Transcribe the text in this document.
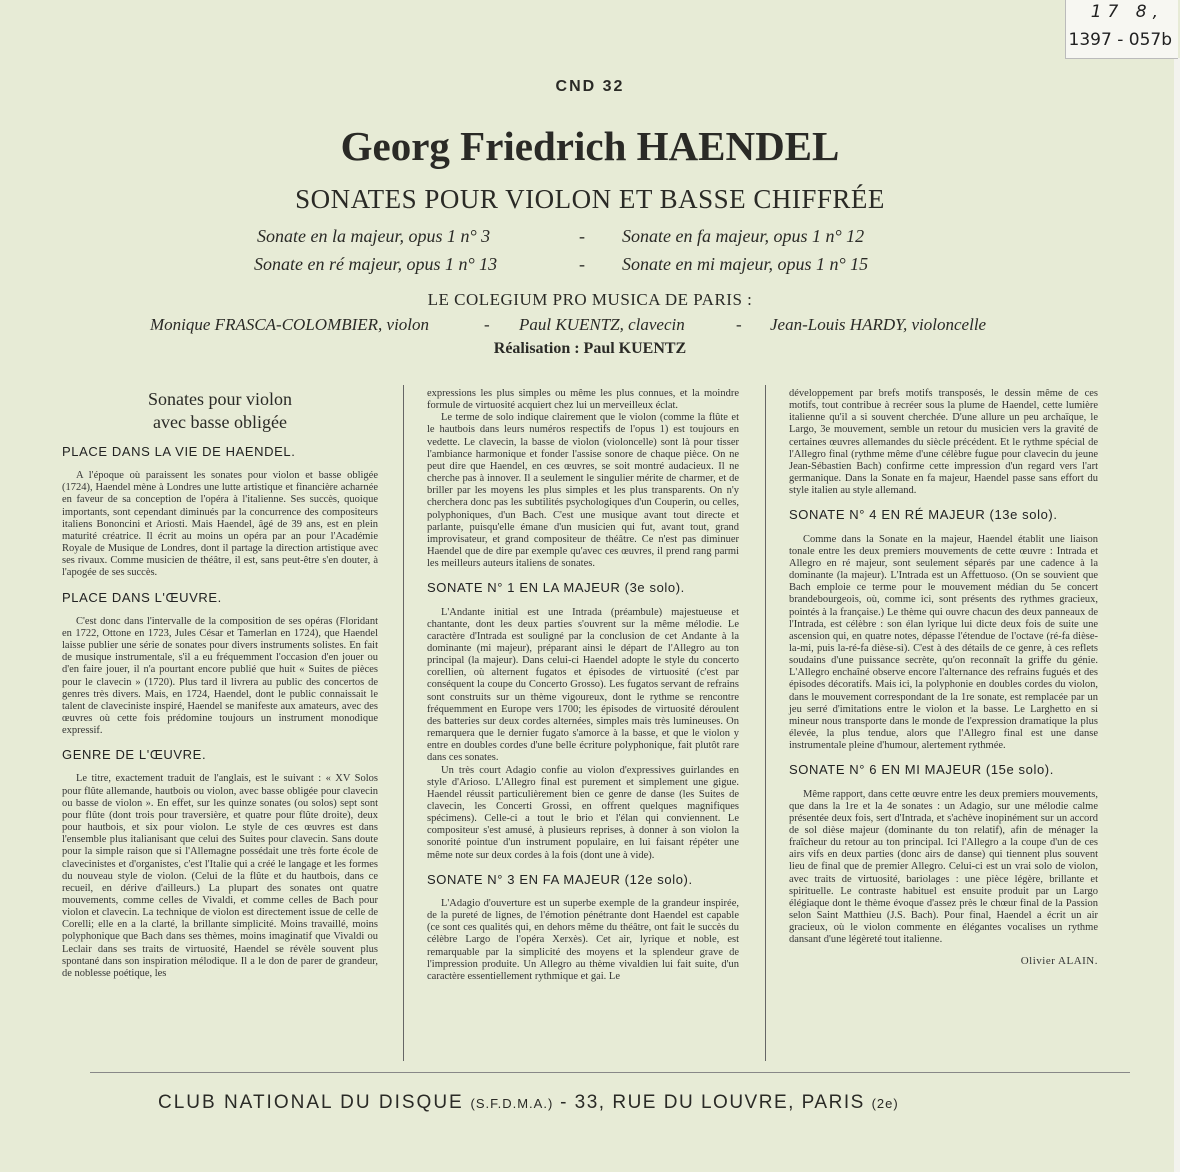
17 8,
1397 - 057b
CND 32
Georg Friedrich HAENDEL
SONATES POUR VIOLON ET BASSE CHIFFRÉE
Sonate en la majeur, opus 1 n° 3	- Sonate en fa majeur, opus 1 n° 12
Sonate en ré majeur, opus 1 n° 13	- Sonate en mi majeur, opus 1 n° 15
LE COLEGIUM PRO MUSICA DE PARIS :
Monique FRASCA-COLOMBIER, violon	- Paul KUENTZ, clavecin	- Jean-Louis HARDY, violoncelle
Réalisation : Paul KUENTZ
Sonates pour violon
avec basse obligée
PLACE DANS LA VIE DE HAENDEL.

A l'époque où paraissent les sonates pour violon et basse obligée (1724), Haendel mène à Londres une lutte artistique et financière acharnée en faveur de sa conception de l'opéra à l'italienne. Ses succès, quoique importants, sont cependant diminués par la concurrence des compositeurs italiens Bononcini et Ariosti. Mais Haendel, âgé de 39 ans, est en plein maturité créatrice. Il écrit au moins un opéra par an pour l'Académie Royale de Musique de Londres, dont il partage la direction artistique avec ses rivaux. Comme musicien de théâtre, il est, sans peut-être s'en douter, à l'apogée de ses succès.

PLACE DANS L'ŒUVRE.

C'est donc dans l'intervalle de la composition de ses opéras (Floridant en 1722, Ottone en 1723, Jules César et Tamerlan en 1724), que Haendel laisse publier une série de sonates pour divers instruments solistes. En fait de musique instrumentale, s'il a eu fréquemment l'occasion d'en jouer ou d'en faire jouer, il n'a pourtant encore publié que huit « Suites de pièces pour le clavecin » (1720). Plus tard il livrera au public des concertos de genres très divers. Mais, en 1724, Haendel, dont le public connaissait le talent de claveciniste inspiré, Haendel se manifeste aux amateurs, avec des œuvres où cette fois prédomine toujours un instrument monodique expressif.

GENRE DE L'ŒUVRE.

Le titre, exactement traduit de l'anglais, est le suivant : « XV Solos pour flûte allemande, hautbois ou violon, avec basse obligée pour clavecin ou basse de violon ». En effet, sur les quinze sonates (ou solos) sept sont pour flûte (dont trois pour traversière, et quatre pour flûte droite), deux pour hautbois, et six pour violon. Le style de ces œuvres est dans l'ensemble plus italianisant que celui des Suites pour clavecin. Sans doute pour la simple raison que si l'Allemagne possédait une très forte école de clavecinistes et d'organistes, c'est l'Italie qui a créé le langage et les formes du nouveau style de violon. (Celui de la flûte et du hautbois, dans ce recueil, en dérive d'ailleurs.) La plupart des sonates ont quatre mouvements, comme celles de Vivaldi, et comme celles de Bach pour violon et clavecin. La technique de violon est directement issue de celle de Corelli; elle en a la clarté, la brillante simplicité. Moins travaillé, moins polyphonique que Bach dans ses thèmes, moins imaginatif que Vivaldi ou Leclair dans ses traits de virtuosité, Haendel se révèle souvent plus spontané dans son inspiration mélodique. Il a le don de parer de grandeur, de noblesse poétique, les

expressions les plus simples ou même les plus connues, et la moindre formule de virtuosité acquiert chez lui un merveilleux éclat.

Le terme de solo indique clairement que le violon (comme la flûte et le hautbois dans leurs numéros respectifs de l'opus 1) est toujours en vedette. Le clavecin, la basse de violon (violoncelle) sont là pour tisser l'ambiance harmonique et fonder l'assise sonore de chaque pièce. On ne peut dire que Haendel, en ces œuvres, se soit montré audacieux. Il ne cherche pas à innover. Il a seulement le singulier mérite de charmer, et de briller par les moyens les plus simples et les plus transparents. On n'y cherchera donc pas les subtilités psychologiques d'un Couperin, ou celles, polyphoniques, d'un Bach. C'est une musique avant tout directe et parlante, puisqu'elle émane d'un musicien qui fut, avant tout, grand improvisateur, et grand compositeur de théâtre. Ce n'est pas diminuer Haendel que de dire par exemple qu'avec ces œuvres, il prend rang parmi les meilleurs auteurs italiens de sonates.

SONATE N° 1 EN LA MAJEUR (3e solo).

L'Andante initial est une Intrada (préambule) majestueuse et chantante, dont les deux parties s'ouvrent sur la même mélodie. Le caractère d'Intrada est souligné par la conclusion de cet Andante à la dominante (mi majeur), préparant ainsi le départ de l'Allegro au ton principal (la majeur). Dans celui-ci Haendel adopte le style du concerto corellien, où alternent fugatos et épisodes de virtuosité (c'est par conséquent la coupe du Concerto Grosso). Les fugatos servant de refrains sont construits sur un thème vigoureux, dont le rythme se rencontre fréquemment en Europe vers 1700; les épisodes de virtuosité déroulent des batteries sur deux cordes alternées, simples mais très lumineuses. On remarquera que le dernier fugato s'amorce à la basse, et que le violon y entre en doubles cordes d'une belle écriture polyphonique, fait plutôt rare dans ces sonates.

Un très court Adagio confie au violon d'expressives guirlandes en style d'Arioso. L'Allegro final est purement et simplement une gigue. Haendel réussit particulièrement bien ce genre de danse (les Suites de clavecin, les Concerti Grossi, en offrent quelques magnifiques spécimens). Celle-ci a tout le brio et l'élan qui conviennent. Le compositeur s'est amusé, à plusieurs reprises, à donner à son violon la sonorité pointue d'un instrument populaire, en lui faisant répéter une même note sur deux cordes à la fois (dont une à vide).

SONATE N° 3 EN FA MAJEUR (12e solo).

L'Adagio d'ouverture est un superbe exemple de la grandeur inspirée, de la pureté de lignes, de l'émotion pénétrante dont Haendel est capable (ce sont ces qualités qui, en dehors même du théâtre, ont fait le succès du célèbre Largo de l'opéra Xerxès). Cet air, lyrique et noble, est remarquable par la simplicité des moyens et la splendeur grave de l'impression produite. Un Allegro au thème vivaldien lui fait suite, d'un caractère essentiellement rythmique et gai. Le

développement par brefs motifs transposés, le dessin même de ces motifs, tout contribue à recréer sous la plume de Haendel, cette lumière italienne qu'il a si souvent cherchée. D'une allure un peu archaïque, le Largo, 3e mouvement, semble un retour du musicien vers la gravité de certaines œuvres allemandes du siècle précédent. Et le rythme spécial de l'Allegro final (rythme même d'une célèbre fugue pour clavecin du jeune Jean-Sébastien Bach) confirme cette impression d'un regard vers l'art germanique. Dans la Sonate en fa majeur, Haendel passe sans effort du style italien au style allemand.

SONATE N° 4 EN RÉ MAJEUR (13e solo).

Comme dans la Sonate en la majeur, Haendel établit une liaison tonale entre les deux premiers mouvements de cette œuvre : Intrada et Allegro en ré majeur, sont seulement séparés par une cadence à la dominante (la majeur). L'Intrada est un Affettuoso. (On se souvient que Bach emploie ce terme pour le mouvement médian du 5e concert brandebourgeois, où, comme ici, sont présents des rythmes gracieux, pointés à la française.) Le thème qui ouvre chacun des deux panneaux de l'Intrada, est célèbre : son élan lyrique lui dicte deux fois de suite une ascension qui, en quatre notes, dépasse l'étendue de l'octave (ré-fa dièse-la-mi, puis la-ré-fa dièse-si). C'est à des détails de ce genre, à ces reflets soudains d'une puissance secrète, qu'on reconnaît la griffe du génie. L'Allegro enchaîné observe encore l'alternance des refrains fugués et des épisodes décoratifs. Mais ici, la polyphonie en doubles cordes du violon, dans le mouvement correspondant de la 1re sonate, est remplacée par un jeu serré d'imitations entre le violon et la basse. Le Larghetto en si mineur nous transporte dans le monde de l'expression dramatique la plus élevée, la plus tendue, alors que l'Allegro final est une danse instrumentale pleine d'humour, alertement rythmée.

SONATE N° 6 EN MI MAJEUR (15e solo).

Même rapport, dans cette œuvre entre les deux premiers mouvements, que dans la 1re et la 4e sonates : un Adagio, sur une mélodie calme présentée deux fois, sert d'Intrada, et s'achève inopinément sur un accord de sol dièse majeur (dominante du ton relatif), afin de ménager la fraîcheur du retour au ton principal. Ici l'Allegro a la coupe d'un de ces airs vifs en deux parties (donc airs de danse) qui tiennent plus souvent lieu de final que de premier Allegro. Celui-ci est un vrai solo de violon, avec traits de virtuosité, bariolages : une pièce légère, brillante et spirituelle. Le contraste habituel est ensuite produit par un Largo élégiaque dont le thème évoque d'assez près le chœur final de la Passion selon Saint Matthieu (J.S. Bach). Pour final, Haendel a écrit un air gracieux, où le violon commente en élégantes vocalises un rythme dansant d'une légèreté tout italienne.

Olivier ALAIN.
CLUB NATIONAL DU DISQUE (S.F.D.M.A.) - 33, RUE DU LOUVRE, PARIS (2e)
